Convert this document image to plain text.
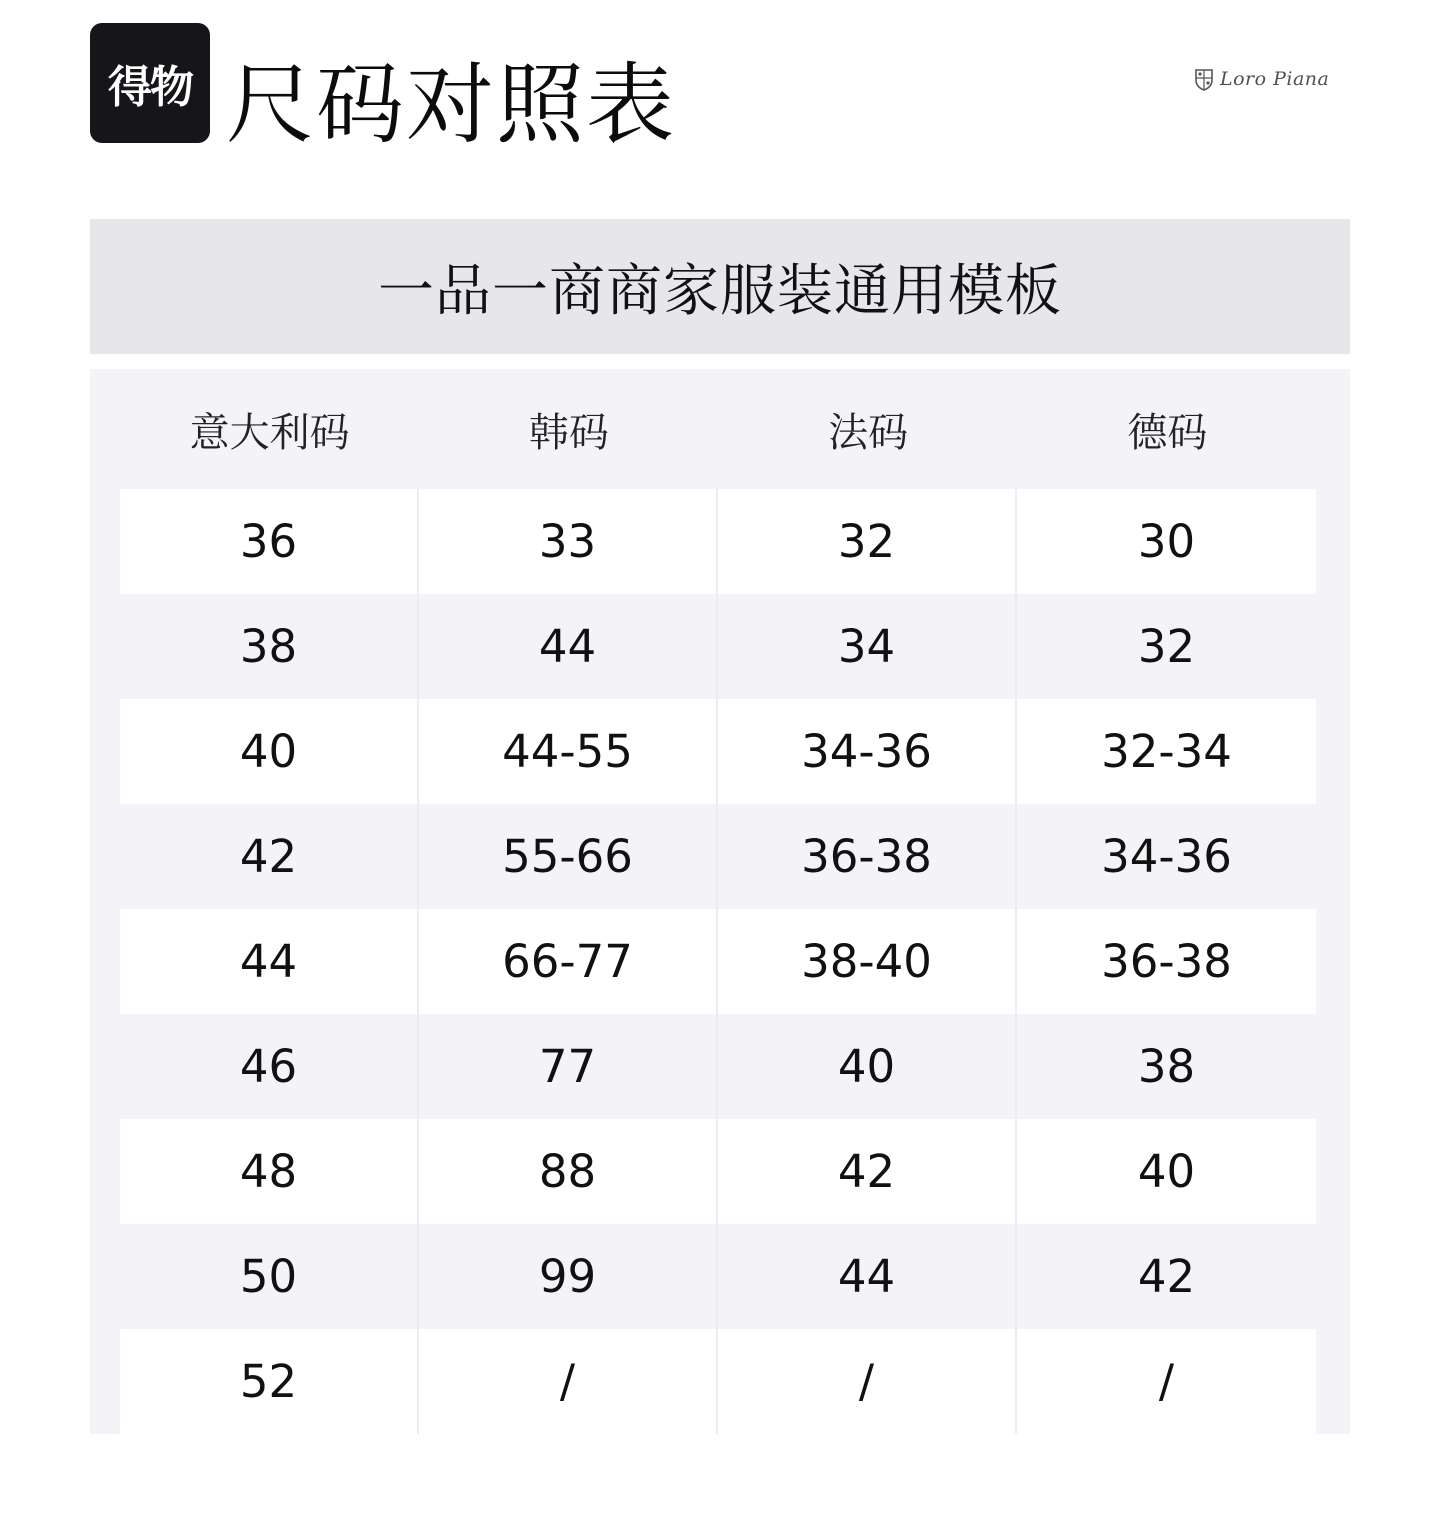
得物 尺码对照表	Loro Piana
一品一商商家服装通用模板
意大利码	韩码	法码	德码
36	33	32	30
38	44	34	32
40	44-55	34-36	32-34
42	55-66	36-38	34-36
44	66-77	38-40	36-38
46	77	40	38
48	88	42	40
50	99	44	42
52	/	/	/
